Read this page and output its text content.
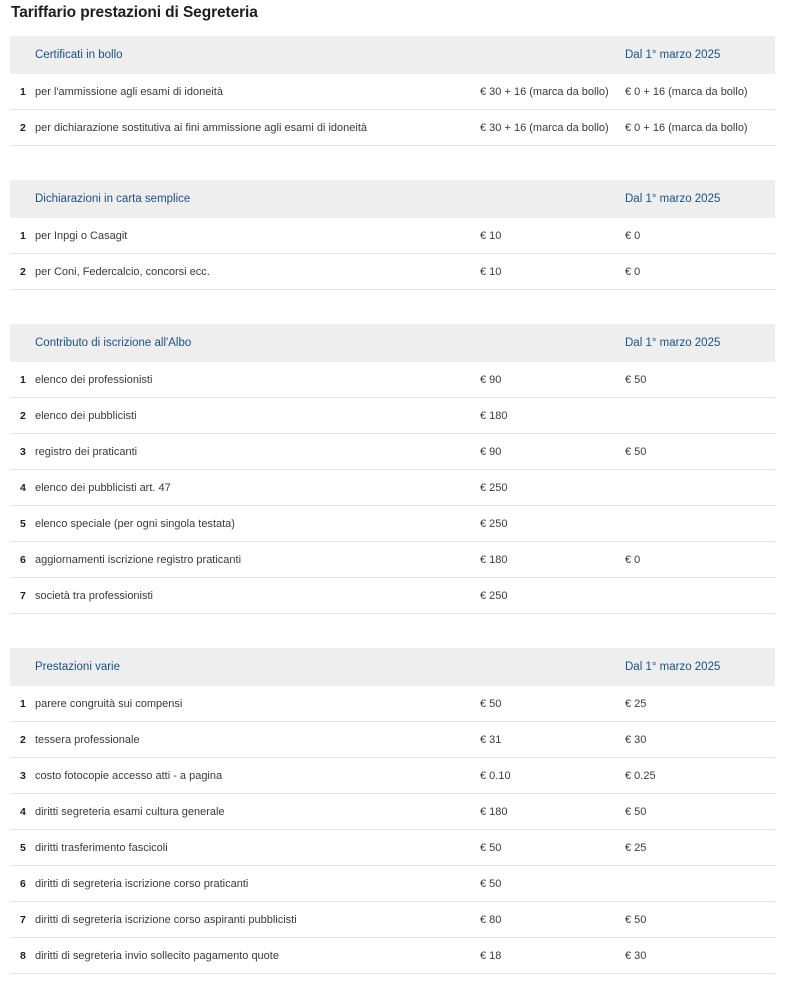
Tariffario prestazioni di Segreteria
	Certificati in bollo		Dal 1° marzo 2025
1	per l'ammissione agli esami di idoneità	€ 30 + 16 (marca da bollo)	€ 0 + 16 (marca da bollo)
2	per dichiarazione sostitutiva ai fini ammissione agli esami di idoneità	€ 30 + 16 (marca da bollo)	€ 0 + 16 (marca da bollo)
	Dichiarazioni in carta semplice		Dal 1° marzo 2025
1	per Inpgi o Casagit	€ 10	€ 0
2	per Coni, Federcalcio, concorsi ecc.	€ 10	€ 0
	Contributo di iscrizione all'Albo		Dal 1° marzo 2025
1	elenco dei professionisti	€ 90	€ 50
2	elenco dei pubblicisti	€ 180	
3	registro dei praticanti	€ 90	€ 50
4	elenco dei pubblicisti art. 47	€ 250	
5	elenco speciale (per ogni singola testata)	€ 250	
6	aggiornamenti iscrizione registro praticanti	€ 180	€ 0
7	società tra professionisti	€ 250	
	Prestazioni varie		Dal 1° marzo 2025
1	parere congruità sui compensi	€ 50	€ 25
2	tessera professionale	€ 31	€ 30
3	costo fotocopie accesso atti - a pagina	€ 0.10	€ 0.25
4	diritti segreteria esami cultura generale	€ 180	€ 50
5	diritti trasferimento fascicoli	€ 50	€ 25
6	diritti di segreteria iscrizione corso praticanti	€ 50	
7	diritti di segreteria iscrizione corso aspiranti pubblicisti	€ 80	€ 50
8	diritti di segreteria invio sollecito pagamento quote	€ 18	€ 30
